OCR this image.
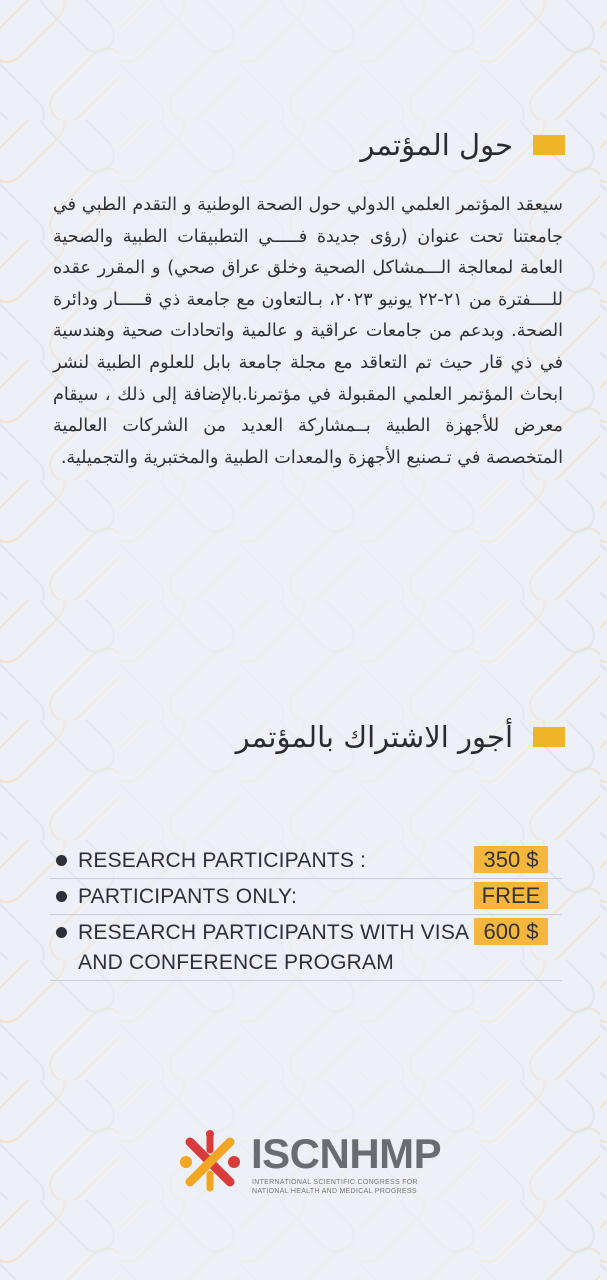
حول المؤتمر
سيعقد المؤتمر العلمي الدولي حول الصحة الوطنية و التقدم الطبي في جامعتنا تحت عنوان (رؤى جديدة فـــــي التطبيقات الطبية والصحية العامة لمعالجة الـــمشاكل الصحية وخلق عراق صحي) و المقرر عقده للــــفترة من ٢١-٢٢ يونيو ٢٠٢٣، بـالتعاون مع جامعة ذي قـــــار ودائرة الصحة. وبدعم من جامعات عراقية و عالمية واتحادات صحية وهندسية في ذي قار حيث تم التعاقد مع مجلة جامعة بابل للعلوم الطبية لنشر ابحاث المؤتمر العلمي المقبولة في مؤتمرنا.بالإضافة إلى ذلك ، سيقام معرض للأجهزة الطبية بــمشاركة العديد من الشركات العالمية المتخصصة في تـصنيع الأجهزة والمعدات الطبية والمختبرية والتجميلية.
أجور الاشتراك بالمؤتمر
RESEARCH PARTICIPANTS :	350 $
PARTICIPANTS ONLY:	FREE
RESEARCH PARTICIPANTS WITH VISA AND CONFERENCE PROGRAM
600 $
ISCNHMP
INTERNATIONAL SCIENTIFIC CONGRESS FOR
NATIONAL HEALTH AND MEDICAL PROGRESS
